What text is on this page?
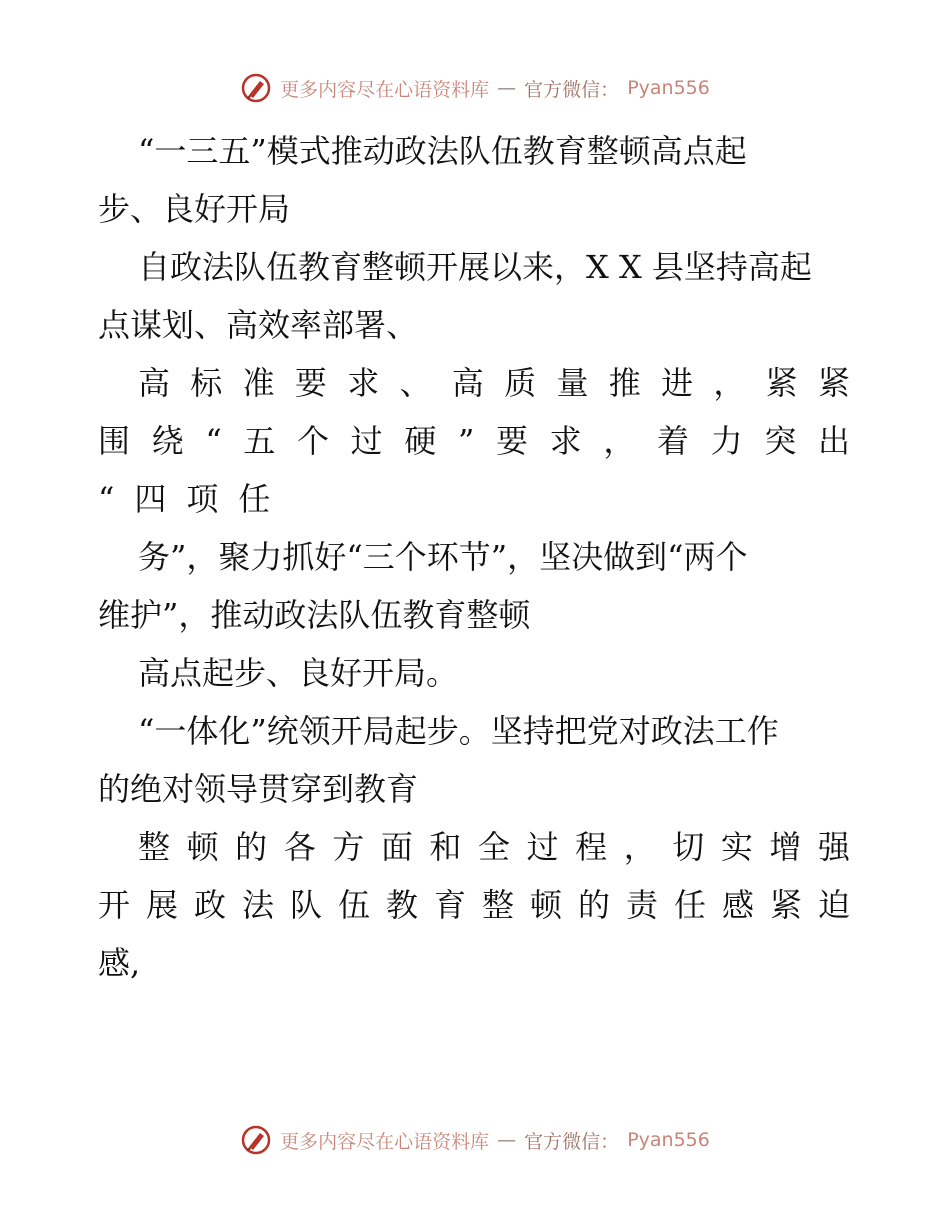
更多内容尽在心语资料库 — 官方微信： Pyan556
“一三五”模式推动政法队伍教育整顿高点起
步、良好开局
自政法队伍教育整顿开展以来，X X 县坚持高起
点谋划、高效率部署、
高标准要求、高质量推进，紧紧
围绕“五个过硬”要求，着力突出
“四项任
务”，聚力抓好“三个环节”，坚决做到“两个
维护”，推动政法队伍教育整顿
高点起步、良好开局。
“一体化”统领开局起步。坚持把党对政法工作
的绝对领导贯穿到教育
整顿的各方面和全过程，切实增强
开展政法队伍教育整顿的责任感紧迫
感,
更多内容尽在心语资料库 — 官方微信： Pyan556
